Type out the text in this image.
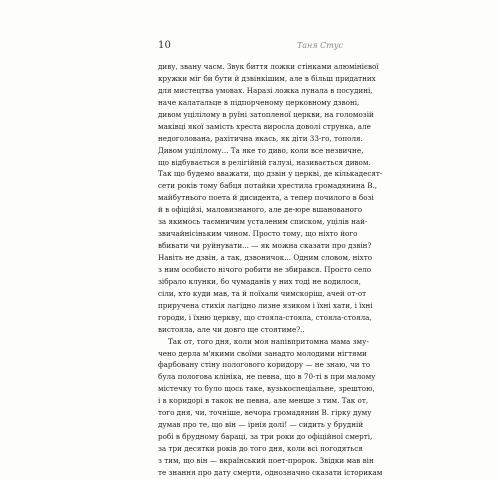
10	Таня Стус
диву, звану часм. Звук биття ложки стінками алюмінієвої
кружки міг би бути й дзвінкішим, але в більш придатних
для мистецтва умовах. Наразі ложка лунала в посудині,
наче калатальце в підпорченому церковному дзвоні,
дивом уцілілому в руїні затопленої церкви, на голомозій
маківці якої замість хреста виросла доволі струнка, але
недоголована, рахітична якась, як діти 33-го, тополя.
Дивом уцілілому... Та яке то диво, коли все незвичне,
що відбувається в релігійній галузі, називається дивом.
Так що будемо вважати, що дзвін у церкві, де кількадесят-
сети років тому бабця потайки хрестила громадянина В.,
майбутнього поета й дисидента, а тепер почилого в бозі
й в офіційзі, маловизнаного, але де-юре вшанованого
за якимось таємничим усталеним списком, уцілів най-
звичайнісіньким чином. Просто тому, що ніхто його
вбивати чи руйнувати... — як можна сказати про дзвін?
Навіть не дзвін, а так, дзвоничок... Одним словом, ніхто
з ним особисто нічого робити не збирався. Просто село
зібрало клунки, бо чумаданів у них тоді не водилося,
сіли, хто куди мав, та й поїхали чимскоріш, ачей от-от
приручена стихія лагідно лизне язиком і їхні хати, і їхні
городи, і їхню церкву, що стояла-стояла, стояла-стояла,
вистояла, але чи довго ще стоятиме?..
Так от, того дня, коли моя напівпритомна мама зму-
чено дерла м'якими своїми занадто молодими нігтями
фарбовану стіну пологового коридору — не знаю, чи то
була пологова клініка, не певна, що в 70-ті в при малому
містечку то було щось таке, вузькоспеціальне, зрештою,
і в коридорі в такок не певна, але менше з тим. Так от,
того дня, чи, точніше, вечора громадянин В. гірку думу
думав про те, що він — ірнія долі! — сидить у брудній
робі в брудному бараці, за три роки до офіційної смерті,
за три десятки років до того дня, коли всі погодяться
з тим, що він — вкраїнський поет-пророк. Звідки мав він
те знання про дату смерти, однозначно сказати історикам
